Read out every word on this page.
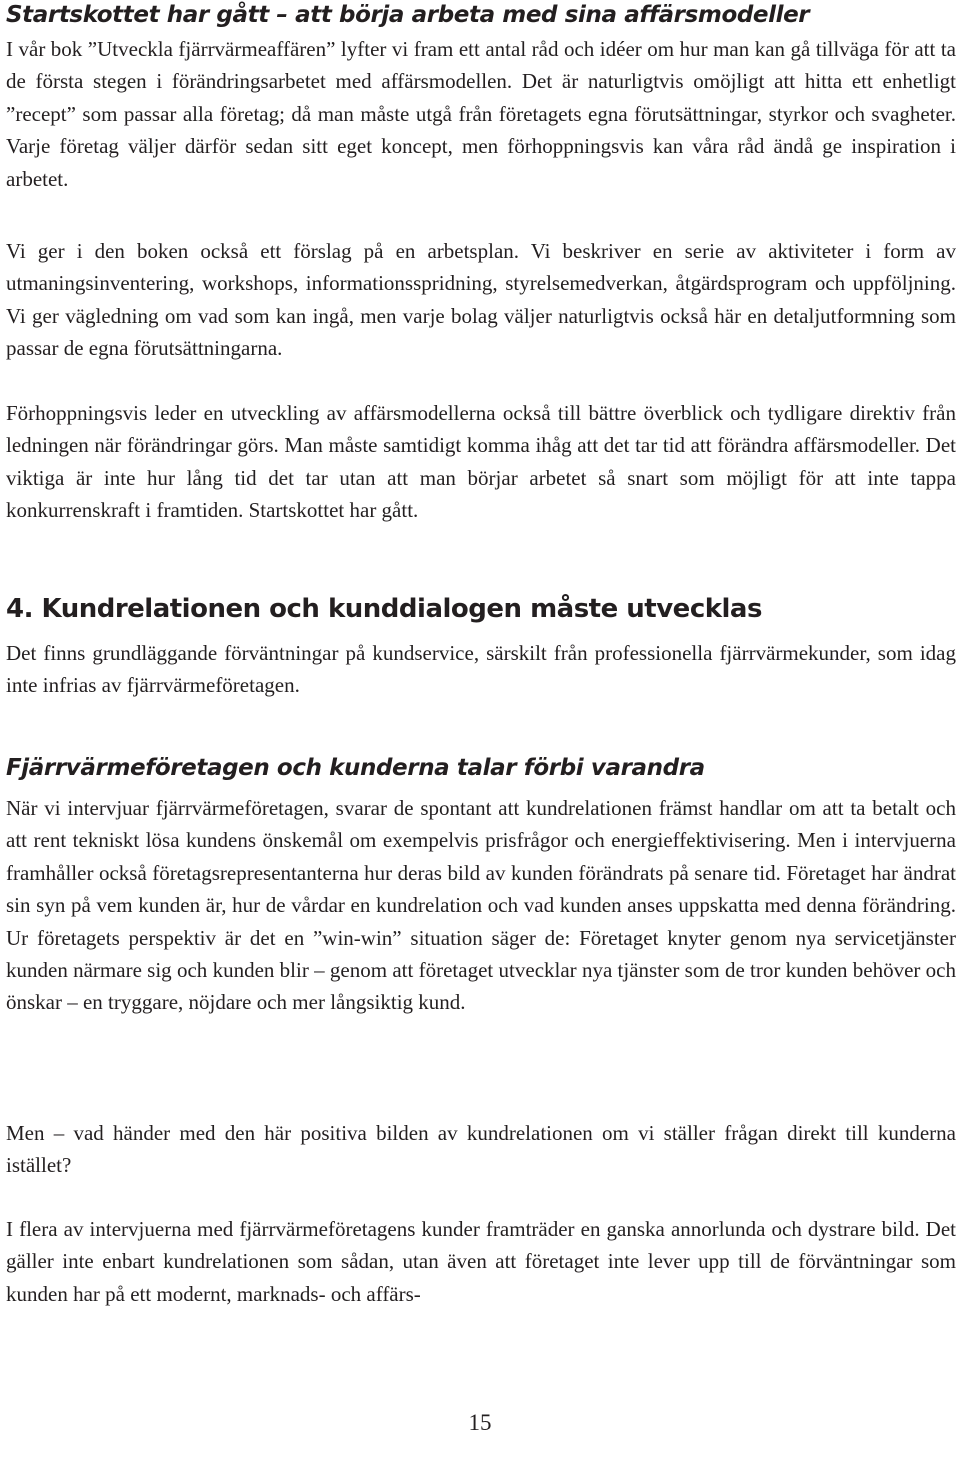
Startskottet har gått – att börja arbeta med sina affärsmodeller

I vår bok ”Utveckla fjärrvärmeaffären” lyfter vi fram ett antal råd och idéer om hur man kan gå tillväga för att ta de första stegen i förändringsarbetet med affärsmodellen. Det är naturligtvis omöjligt att hitta ett enhetligt ”recept” som passar alla företag; då man måste utgå från företagets egna förutsättningar, styrkor och svagheter. Varje företag väljer därför sedan sitt eget koncept, men förhoppningsvis kan våra råd ändå ge inspiration i arbetet.

Vi ger i den boken också ett förslag på en arbetsplan. Vi beskriver en serie av aktiviteter i form av utmaningsinventering, workshops, informationsspridning, styrelsemedverkan, åtgärdsprogram och uppföljning. Vi ger vägledning om vad som kan ingå, men varje bolag väljer naturligtvis också här en detaljutformning som passar de egna förutsättningarna.

Förhoppningsvis leder en utveckling av affärsmodellerna också till bättre överblick och tydligare direktiv från ledningen när förändringar görs. Man måste samtidigt komma ihåg att det tar tid att förändra affärsmodeller. Det viktiga är inte hur lång tid det tar utan att man börjar arbetet så snart som möjligt för att inte tappa konkurrenskraft i framtiden. Startskottet har gått.

4. Kundrelationen och kunddialogen måste utvecklas

Det finns grundläggande förväntningar på kundservice, särskilt från professionella fjärrvärmekunder, som idag inte infrias av fjärrvärmeföretagen.

Fjärrvärmeföretagen och kunderna talar förbi varandra

När vi intervjuar fjärrvärmeföretagen, svarar de spontant att kundrelationen främst handlar om att ta betalt och att rent tekniskt lösa kundens önskemål om exempelvis prisfrågor och energieffektivisering. Men i intervjuerna framhåller också företagsrepresentanterna hur deras bild av kunden förändrats på senare tid. Företaget har ändrat sin syn på vem kunden är, hur de vårdar en kundrelation och vad kunden anses uppskatta med denna förändring. Ur företagets perspektiv är det en ”win-win” situation säger de: Företaget knyter genom nya servicetjänster kunden närmare sig och kunden blir – genom att företaget utvecklar nya tjänster som de tror kunden behöver och önskar – en tryggare, nöjdare och mer långsiktig kund.

Men – vad händer med den här positiva bilden av kundrelationen om vi ställer frågan direkt till kunderna istället?

I flera av intervjuerna med fjärrvärmeföretagens kunder framträder en ganska annorlunda och dystrare bild. Det gäller inte enbart kundrelationen som sådan, utan även att företaget inte lever upp till de förväntningar som kunden har på ett modernt, marknads- och affärs-

15
